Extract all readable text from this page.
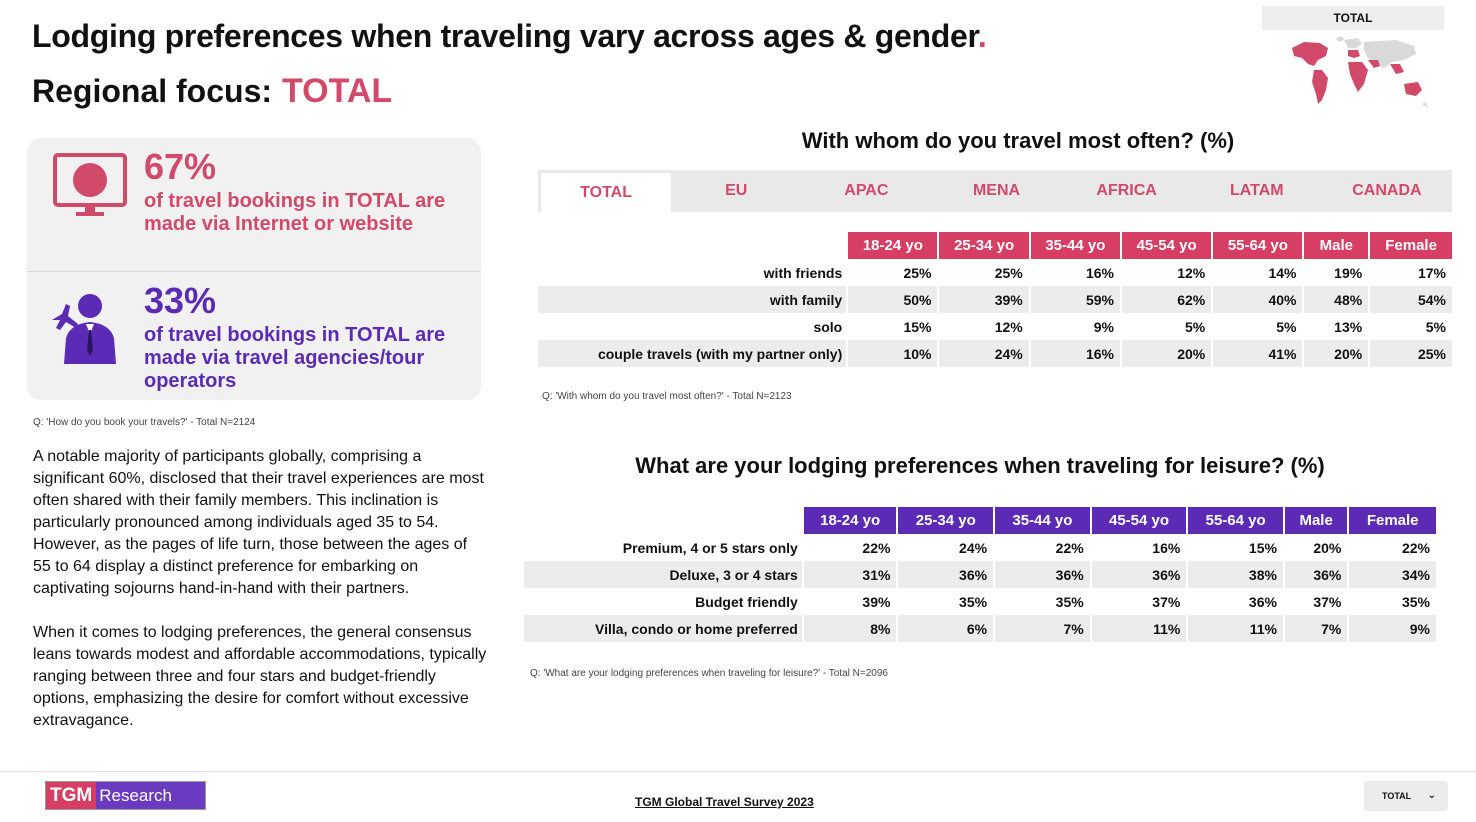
Lodging preferences when traveling vary across ages & gender.
Regional focus: TOTAL
TOTAL
67%
of travel bookings in TOTAL are made via Internet or website
33%
of travel bookings in TOTAL are made via travel agencies/tour operators
Q: 'How do you book your travels?' - Total N=2124
A notable majority of participants globally, comprising a significant 60%, disclosed that their travel experiences are most often shared with their family members. This inclination is particularly pronounced among individuals aged 35 to 54. However, as the pages of life turn, those between the ages of 55 to 64 display a distinct preference for embarking on captivating sojourns hand-in-hand with their partners.
When it comes to lodging preferences, the general consensus leans towards modest and affordable accommodations, typically ranging between three and four stars and budget-friendly options, emphasizing the desire for comfort without excessive extravagance.
With whom do you travel most often? (%)
TOTAL	EU	APAC	MENA	AFRICA	LATAM	CANADA
	18-24 yo	25-34 yo	35-44 yo	45-54 yo	55-64 yo	Male	Female
with friends	25%	25%	16%	12%	14%	19%	17%
with family	50%	39%	59%	62%	40%	48%	54%
solo	15%	12%	9%	5%	5%	13%	5%
couple travels (with my partner only)	10%	24%	16%	20%	41%	20%	25%
Q: 'With whom do you travel most often?' - Total N=2123
What are your lodging preferences when traveling for leisure? (%)
	18-24 yo	25-34 yo	35-44 yo	45-54 yo	55-64 yo	Male	Female
Premium, 4 or 5 stars only	22%	24%	22%	16%	15%	20%	22%
Deluxe, 3 or 4 stars	31%	36%	36%	36%	38%	36%	34%
Budget friendly	39%	35%	35%	37%	36%	37%	35%
Villa, condo or home preferred	8%	6%	7%	11%	11%	7%	9%
Q: 'What are your lodging preferences when traveling for leisure?' - Total N=2096
TGM Research	TGM Global Travel Survey 2023	TOTAL ⌄
